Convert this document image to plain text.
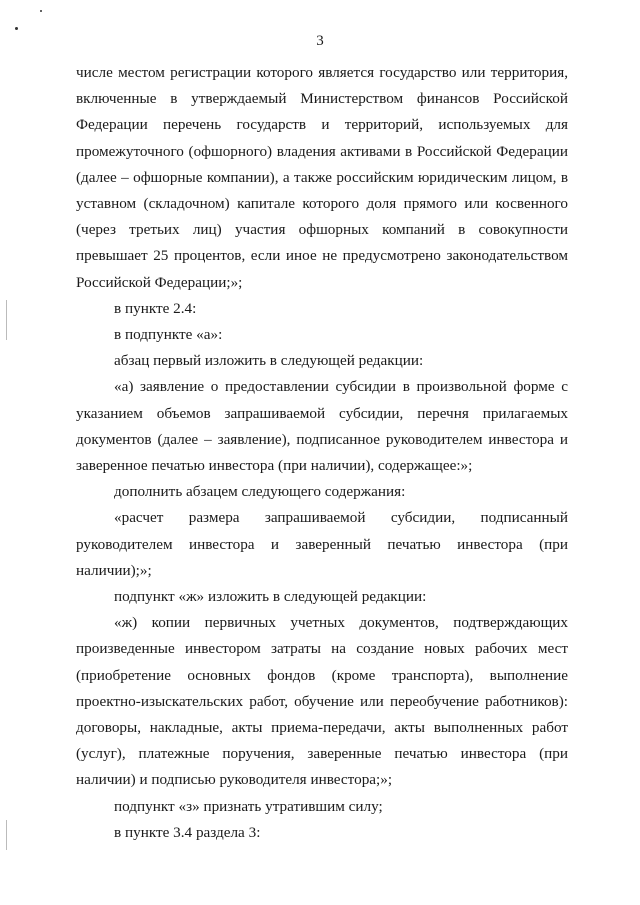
3

числе местом регистрации которого является государство или территория, включенные в утверждаемый Министерством финансов Российской Федерации перечень государств и территорий, используемых для промежуточного (офшорного) владения активами в Российской Федерации (далее – офшорные компании), а также российским юридическим лицом, в уставном (складочном) капитале которого доля прямого или косвенного (через третьих лиц) участия офшорных компаний в совокупности превышает 25 процентов, если иное не предусмотрено законодательством Российской Федерации;»;

в пункте 2.4:

в подпункте «а»:

абзац первый изложить в следующей редакции:

«а) заявление о предоставлении субсидии в произвольной форме с указанием объемов запрашиваемой субсидии, перечня прилагаемых документов (далее – заявление), подписанное руководителем инвестора и заверенное печатью инвестора (при наличии), содержащее:»;

дополнить абзацем следующего содержания:

«расчет размера запрашиваемой субсидии, подписанный руководителем инвестора и заверенный печатью инвестора (при наличии);»;

подпункт «ж» изложить в следующей редакции:

«ж) копии первичных учетных документов, подтверждающих произведенные инвестором затраты на создание новых рабочих мест (приобретение основных фондов (кроме транспорта), выполнение проектно-изыскательских работ, обучение или переобучение работников): договоры, накладные, акты приема-передачи, акты выполненных работ (услуг), платежные поручения, заверенные печатью инвестора (при наличии) и подписью руководителя инвестора;»;

подпункт «з» признать утратившим силу;

в пункте 3.4 раздела 3:
